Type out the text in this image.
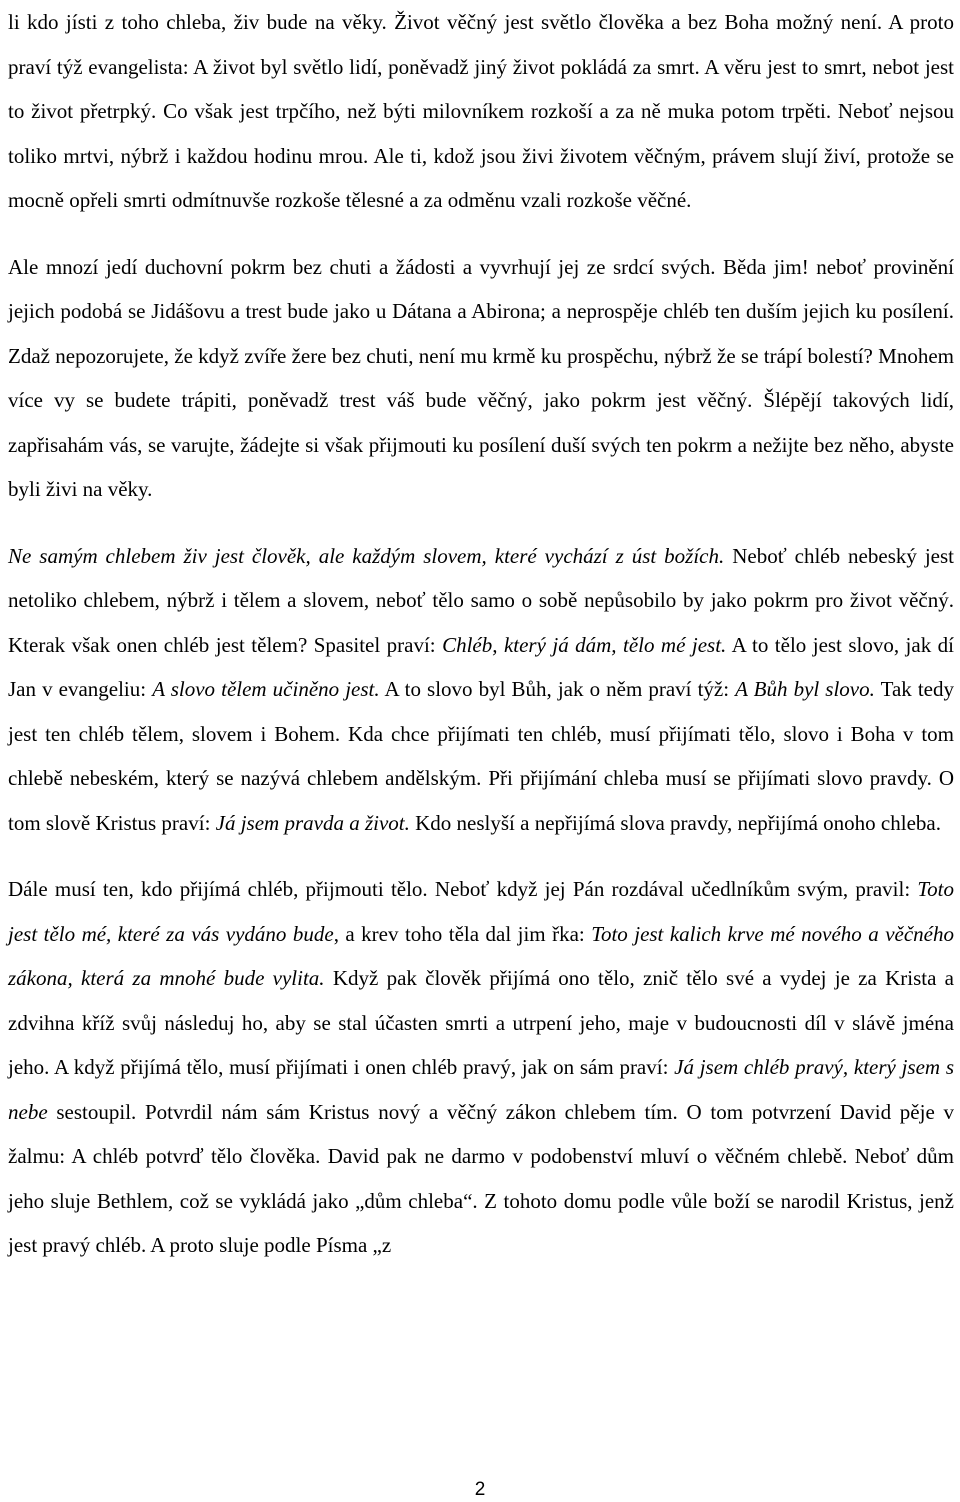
li kdo jísti z toho chleba, živ bude na věky. Život věčný jest světlo člověka a bez Boha možný není. A proto praví týž evangelista: A život byl světlo lidí, poněvadž jiný život pokládá za smrt. A věru jest to smrt, nebot jest to život přetrpký. Co však jest trpčího, než býti milovníkem rozkoší a za ně muka potom trpěti. Neboť nejsou toliko mrtvi, nýbrž i každou hodinu mrou. Ale ti, kdož jsou živi životem věčným, právem slují živí, protože se mocně opřeli smrti odmítnuvše rozkoše tělesné a za odměnu vzali rozkoše věčné.

Ale mnozí jedí duchovní pokrm bez chuti a žádosti a vyvrhují jej ze srdcí svých. Běda jim! neboť provinění jejich podobá se Jidášovu a trest bude jako u Dátana a Abirona; a neprospěje chléb ten duším jejich ku posílení. Zdaž nepozorujete, že když zvíře žere bez chuti, není mu krmě ku prospěchu, nýbrž že se trápí bolestí? Mnohem více vy se budete trápiti, poněvadž trest váš bude věčný, jako pokrm jest věčný. Šlépějí takových lidí, zapřisahám vás, se varujte, žádejte si však přijmouti ku posílení duší svých ten pokrm a nežijte bez něho, abyste byli živi na věky.

Ne samým chlebem živ jest člověk, ale každým slovem, které vychází z úst božích. Neboť chléb nebeský jest netoliko chlebem, nýbrž i tělem a slovem, neboť tělo samo o sobě nepůsobilo by jako pokrm pro život věčný. Kterak však onen chléb jest tělem? Spasitel praví: Chléb, který já dám, tělo mé jest. A to tělo jest slovo, jak dí Jan v evangeliu: A slovo tělem učiněno jest. A to slovo byl Bůh, jak o něm praví týž: A Bůh byl slovo. Tak tedy jest ten chléb tělem, slovem i Bohem. Kda chce přijímati ten chléb, musí přijímati tělo, slovo i Boha v tom chlebě nebeském, který se nazývá chlebem andělským. Při přijímání chleba musí se přijímati slovo pravdy. O tom slově Kristus praví: Já jsem pravda a život. Kdo neslyší a nepřijímá slova pravdy, nepřijímá onoho chleba.

Dále musí ten, kdo přijímá chléb, přijmouti tělo. Neboť když jej Pán rozdával učedlníkům svým, pravil: Toto jest tělo mé, které za vás vydáno bude, a krev toho těla dal jim řka: Toto jest kalich krve mé nového a věčného zákona, která za mnohé bude vylita. Když pak člověk přijímá ono tělo, znič tělo své a vydej je za Krista a zdvihna kříž svůj následuj ho, aby se stal účasten smrti a utrpení jeho, maje v budoucnosti díl v slávě jména jeho. A když přijímá tělo, musí přijímati i onen chléb pravý, jak on sám praví: Já jsem chléb pravý, který jsem s nebe sestoupil. Potvrdil nám sám Kristus nový a věčný zákon chlebem tím. O tom potvrzení David pěje v žalmu: A chléb potvrď tělo člověka. David pak ne darmo v podobenství mluví o věčném chlebě. Neboť dům jeho sluje Bethlem, což se vykládá jako „dům chleba“. Z tohoto domu podle vůle boží se narodil Kristus, jenž jest pravý chléb. A proto sluje podle Písma „z

2
